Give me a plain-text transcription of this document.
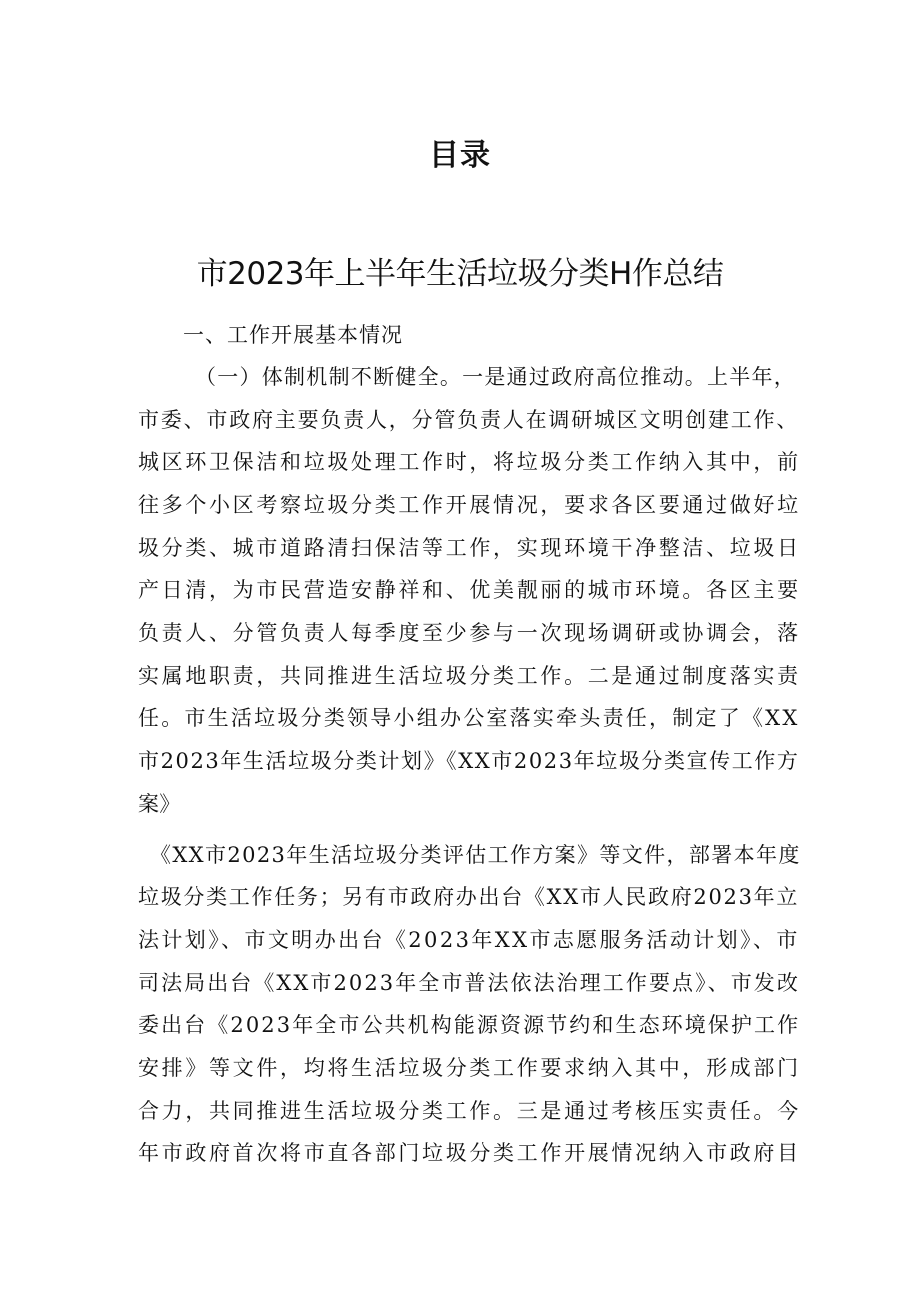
目录
市2023年上半年生活垃圾分类H作总结
一、工作开展基本情况
（一）体制机制不断健全。一是通过政府高位推动。上半年，
市委、市政府主要负责人，分管负责人在调研城区文明创建工作、
城区环卫保洁和垃圾处理工作时，将垃圾分类工作纳入其中，前
往多个小区考察垃圾分类工作开展情况，要求各区要通过做好垃
圾分类、城市道路清扫保洁等工作，实现环境干净整洁、垃圾日
产日清，为市民营造安静祥和、优美靓丽的城市环境。各区主要
负责人、分管负责人每季度至少参与一次现场调研或协调会，落
实属地职责，共同推进生活垃圾分类工作。二是通过制度落实责
任。市生活垃圾分类领导小组办公室落实牵头责任，制定了《XX
市2023年生活垃圾分类计划》《XX市2023年垃圾分类宣传工作方
案》
《XX市2023年生活垃圾分类评估工作方案》等文件，部署本年度
垃圾分类工作任务；另有市政府办出台《XX市人民政府2023年立
法计划》、市文明办出台《2023年XX市志愿服务活动计划》、市
司法局出台《XX市2023年全市普法依法治理工作要点》、市发改
委出台《2023年全市公共机构能源资源节约和生态环境保护工作
安排》等文件，均将生活垃圾分类工作要求纳入其中，形成部门
合力，共同推进生活垃圾分类工作。三是通过考核压实责任。今
年市政府首次将市直各部门垃圾分类工作开展情况纳入市政府目
